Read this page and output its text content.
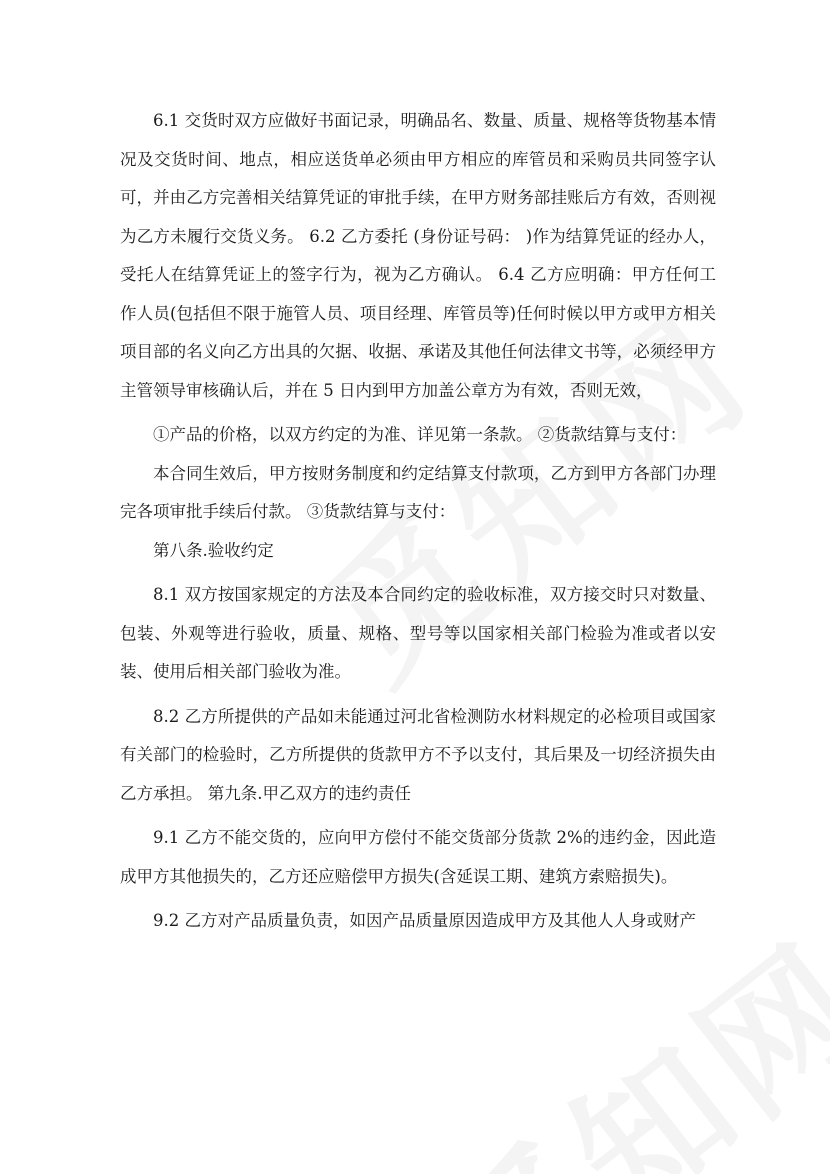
6.1 交货时双方应做好书面记录，明确品名、数量、质量、规格等货物基本情况及交货时间、地点，相应送货单必须由甲方相应的库管员和采购员共同签字认可，并由乙方完善相关结算凭证的审批手续，在甲方财务部挂账后方有效，否则视为乙方未履行交货义务。 6.2 乙方委托 (身份证号码： )作为结算凭证的经办人，受托人在结算凭证上的签字行为，视为乙方确认。 6.4 乙方应明确：甲方任何工作人员(包括但不限于施管人员、项目经理、库管员等)任何时候以甲方或甲方相关项目部的名义向乙方出具的欠据、收据、承诺及其他任何法律文书等，必须经甲方主管领导审核确认后，并在 5 日内到甲方加盖公章方为有效，否则无效，

①产品的价格，以双方约定的为准、详见第一条款。 ②货款结算与支付：

本合同生效后，甲方按财务制度和约定结算支付款项，乙方到甲方各部门办理完各项审批手续后付款。 ③货款结算与支付：

第八条.验收约定

8.1 双方按国家规定的方法及本合同约定的验收标准，双方接交时只对数量、包装、外观等进行验收，质量、规格、型号等以国家相关部门检验为准或者以安装、使用后相关部门验收为准。

8.2 乙方所提供的产品如未能通过河北省检测防水材料规定的必检项目或国家有关部门的检验时，乙方所提供的货款甲方不予以支付，其后果及一切经济损失由乙方承担。 第九条.甲乙双方的违约责任

9.1 乙方不能交货的，应向甲方偿付不能交货部分货款 2%的违约金，因此造成甲方其他损失的，乙方还应赔偿甲方损失(含延误工期、建筑方索赔损失)。

9.2 乙方对产品质量负责，如因产品质量原因造成甲方及其他人人身或财产
